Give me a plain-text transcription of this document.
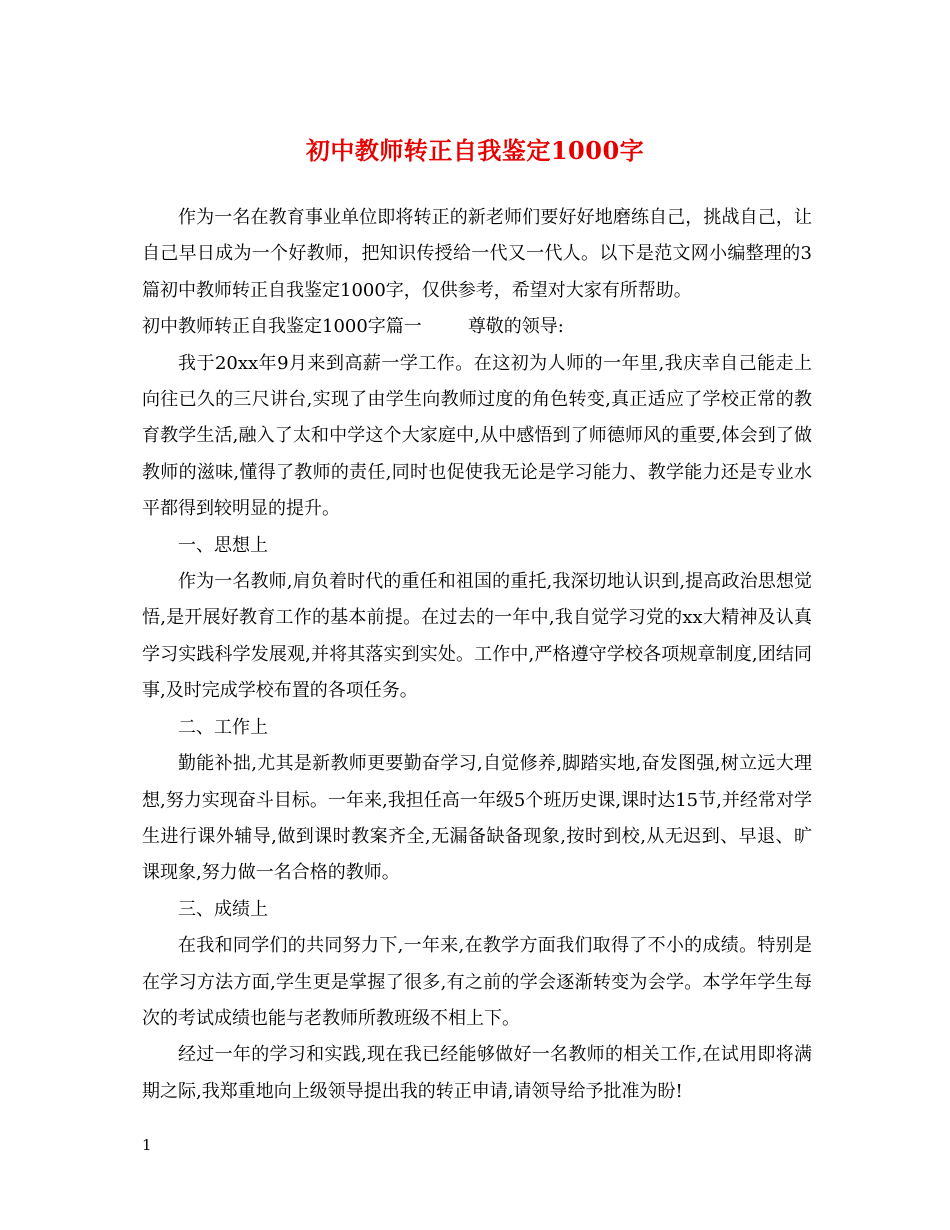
初中教师转正自我鉴定1000字

作为一名在教育事业单位即将转正的新老师们要好好地磨练自己，挑战自己，让自己早日成为一个好教师，把知识传授给一代又一代人。以下是范文网小编整理的3篇初中教师转正自我鉴定1000字，仅供参考，希望对大家有所帮助。

初中教师转正自我鉴定1000字篇一	尊敬的领导:

我于20xx年9月来到高薪一学工作。在这初为人师的一年里,我庆幸自己能走上向往已久的三尺讲台,实现了由学生向教师过度的角色转变,真正适应了学校正常的教育教学生活,融入了太和中学这个大家庭中,从中感悟到了师德师风的重要,体会到了做教师的滋味,懂得了教师的责任,同时也促使我无论是学习能力、教学能力还是专业水平都得到较明显的提升。

一、思想上

作为一名教师,肩负着时代的重任和祖国的重托,我深切地认识到,提高政治思想觉悟,是开展好教育工作的基本前提。在过去的一年中,我自觉学习党的xx大精神及认真学习实践科学发展观,并将其落实到实处。工作中,严格遵守学校各项规章制度,团结同事,及时完成学校布置的各项任务。

二、工作上

勤能补拙,尤其是新教师更要勤奋学习,自觉修养,脚踏实地,奋发图强,树立远大理想,努力实现奋斗目标。一年来,我担任高一年级5个班历史课,课时达15节,并经常对学生进行课外辅导,做到课时教案齐全,无漏备缺备现象,按时到校,从无迟到、早退、旷课现象,努力做一名合格的教师。

三、成绩上

在我和同学们的共同努力下,一年来,在教学方面我们取得了不小的成绩。特别是在学习方法方面,学生更是掌握了很多,有之前的学会逐渐转变为会学。本学年学生每次的考试成绩也能与老教师所教班级不相上下。

经过一年的学习和实践,现在我已经能够做好一名教师的相关工作,在试用即将满期之际,我郑重地向上级领导提出我的转正申请,请领导给予批准为盼!

1
